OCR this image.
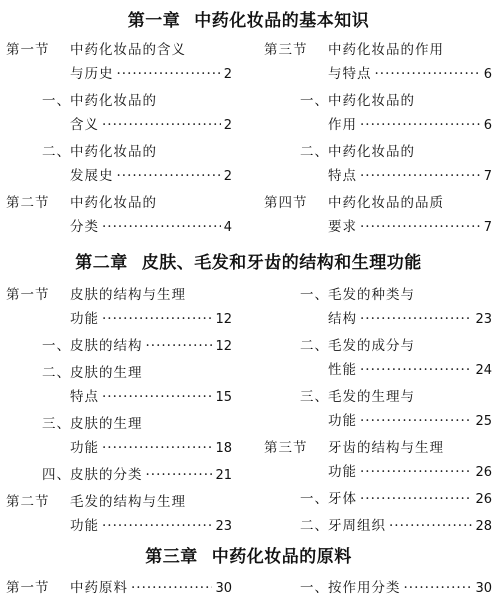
第一章 中药化妆品的基本知识
第二章 皮肤、毛发和牙齿的结构和生理功能
第三章 中药化妆品的原料
第一节 中药化妆品的含义
与历史 ·····	2
一、 中药化妆品的
含义 ·····	2
二、 中药化妆品的
发展史 ·····	2
第二节 中药化妆品的
分类 ·····	4
第三节 中药化妆品的作用
与特点 ·····	6
一、 中药化妆品的
作用 ·····	6
二、 中药化妆品的
特点 ·····	7
第四节 中药化妆品的品质
要求 ·····	7
第一节 皮肤的结构与生理
功能 ·····	12
一、 皮肤的结构 ·····	12
二、 皮肤的生理
特点 ·····	15
三、 皮肤的生理
功能 ·····	18
四、 皮肤的分类 ·····	21
第二节 毛发的结构与生理
功能 ·····	23
一、 毛发的种类与
结构 ·····	23
二、 毛发的成分与
性能 ·····	24
三、 毛发的生理与
功能 ·····	25
第三节 牙齿的结构与生理
功能 ·····	26
一、 牙体 ·····	26
二、 牙周组织 ·····	28
第一节 中药原料 ·····	30	一、 按作用分类 ·····	30
